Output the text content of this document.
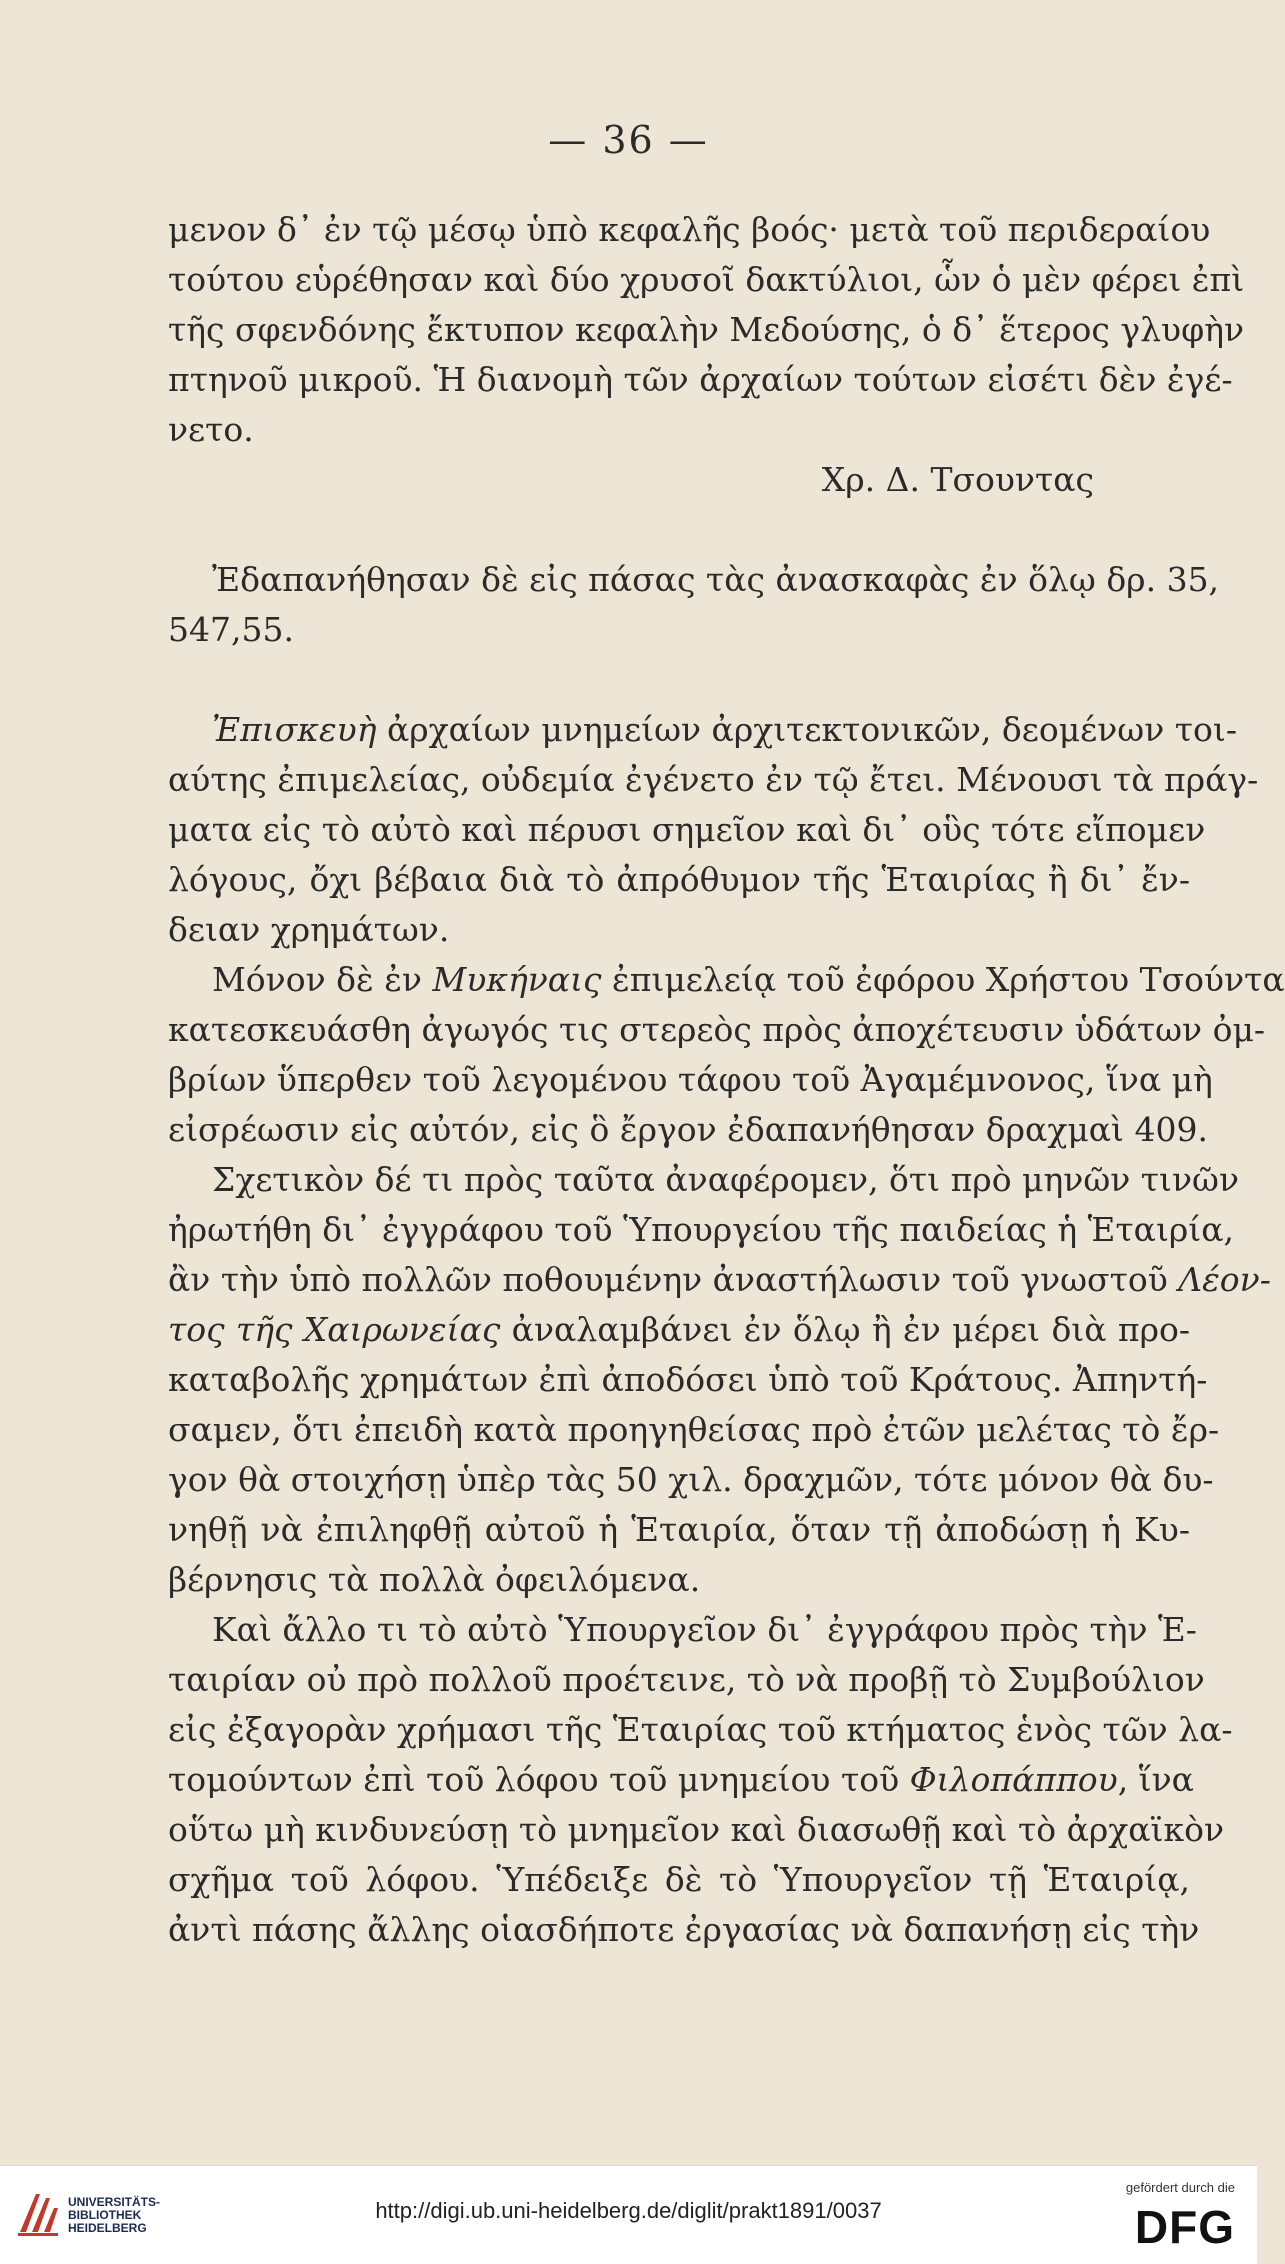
— 36 —
μενον δ᾽ ἐν τῷ μέσῳ ὑπὸ κεφαλῆς βοός· μετὰ τοῦ περιδεραίου
τούτου εὑρέθησαν καὶ δύο χρυσοῖ δακτύλιοι, ὧν ὁ μὲν φέρει ἐπὶ
τῆς σφενδόνης ἔκτυπον κεφαλὴν Μεδούσης, ὁ δ᾽ ἕτερος γλυφὴν
πτηνοῦ μικροῦ. Ἡ διανομὴ τῶν ἀρχαίων τούτων εἰσέτι δὲν ἐγέ-
νετο.
Χρ. Δ. Τσουντας

Ἐδαπανήθησαν δὲ εἰς πάσας τὰς ἀνασκαφὰς ἐν ὅλῳ δρ. 35,
547,55.

Ἐπισκευὴ ἀρχαίων μνημείων ἀρχιτεκτονικῶν, δεομένων τοι-
αύτης ἐπιμελείας, οὐδεμία ἐγένετο ἐν τῷ ἔτει. Μένουσι τὰ πράγ-
ματα εἰς τὸ αὐτὸ καὶ πέρυσι σημεῖον καὶ δι᾽ οὓς τότε εἴπομεν
λόγους, ὄχι βέβαια διὰ τὸ ἀπρόθυμον τῆς Ἑταιρίας ἢ δι᾽ ἔν-
δειαν χρημάτων.
Μόνον δὲ ἐν Μυκήναις ἐπιμελείᾳ τοῦ ἐφόρου Χρήστου Τσούντα
κατεσκευάσθη ἀγωγός τις στερεὸς πρὸς ἀποχέτευσιν ὑδάτων ὀμ-
βρίων ὕπερθεν τοῦ λεγομένου τάφου τοῦ Ἀγαμέμνονος, ἵνα μὴ
εἰσρέωσιν εἰς αὐτόν, εἰς ὃ ἔργον ἐδαπανήθησαν δραχμαὶ 409.
Σχετικὸν δέ τι πρὸς ταῦτα ἀναφέρομεν, ὅτι πρὸ μηνῶν τινῶν
ἠρωτήθη δι᾽ ἐγγράφου τοῦ Ὑπουργείου τῆς παιδείας ἡ Ἑταιρία,
ἂν τὴν ὑπὸ πολλῶν ποθουμένην ἀναστήλωσιν τοῦ γνωστοῦ Λέον-
τος τῆς Χαιρωνείας ἀναλαμβάνει ἐν ὅλῳ ἢ ἐν μέρει διὰ προ-
καταβολῆς χρημάτων ἐπὶ ἀποδόσει ὑπὸ τοῦ Κράτους. Ἀπηντή-
σαμεν, ὅτι ἐπειδὴ κατὰ προηγηθείσας πρὸ ἐτῶν μελέτας τὸ ἔρ-
γον θὰ στοιχήσῃ ὑπὲρ τὰς 50 χιλ. δραχμῶν, τότε μόνον θὰ δυ-
νηθῇ νὰ ἐπιληφθῇ αὐτοῦ ἡ Ἑταιρία, ὅταν τῇ ἀποδώσῃ ἡ Κυ-
βέρνησις τὰ πολλὰ ὀφειλόμενα.
Καὶ ἄλλο τι τὸ αὐτὸ Ὑπουργεῖον δι᾽ ἐγγράφου πρὸς τὴν Ἑ-
ταιρίαν οὐ πρὸ πολλοῦ προέτεινε, τὸ νὰ προβῇ τὸ Συμβούλιον
εἰς ἐξαγορὰν χρήμασι τῆς Ἑταιρίας τοῦ κτήματος ἑνὸς τῶν λα-
τομούντων ἐπὶ τοῦ λόφου τοῦ μνημείου τοῦ Φιλοπάππου, ἵνα
οὕτω μὴ κινδυνεύσῃ τὸ μνημεῖον καὶ διασωθῇ καὶ τὸ ἀρχαϊκὸν
σχῆμα τοῦ λόφου. Ὑπέδειξε δὲ τὸ Ὑπουργεῖον τῇ Ἑταιρίᾳ,
ἀντὶ πάσης ἄλλης οἱασδήποτε ἐργασίας νὰ δαπανήσῃ εἰς τὴν
UNIVERSITÄTS-
BIBLIOTHEK
HEIDELBERG
http://digi.ub.uni-heidelberg.de/diglit/prakt1891/0037
gefördert durch die
DFG
